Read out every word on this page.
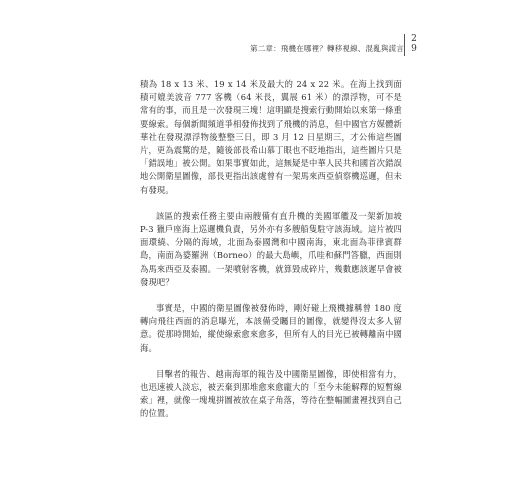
第二章：飛機在哪裡？轉移視線、混亂與謊言
2
9

積為 18 x 13 米、19 x 14 米及最大的 24 x 22 米。在海上找到面積可媲美波音 777 客機（64 米長，翼展 61 米）的漂浮物，可不是常有的事，而且是一次發現三塊！這明顯是搜索行動開始以來第一條重要線索。每個新聞頻道爭相發佈找到了飛機的消息，但中國官方媒體新華社在發現漂浮物後整整三日，即 3 月 12 日星期三，才公佈這些圖片，更為震驚的是，隨後部長希山慕丁眼也不眨地指出，這些圖片只是「錯誤地」被公開。如果事實如此，這無疑是中華人民共和國首次錯誤地公開衛星圖像，部長更指出該處曾有一架馬來西亞偵察機巡邏，但未有發現。

該區的搜索任務主要由兩艘備有直升機的美國軍艦及一架新加坡 P-3 獵戶座海上巡邏機負責，另外亦有多艘船隻駐守該海域。這片被四面環繞、分隔的海域，北面為泰國灣和中國南海，東北面為菲律賓群島，南面為婆羅洲（Borneo）的最大島嶼，爪哇和蘇門答臘，西面則為馬來西亞及泰國。一架噴射客機，就算毀成碎片，幾數應該遲早會被發現吧？

事實是，中國的衛星圖像被發佈時，剛好碰上飛機據稱曾 180 度轉向飛往西面的消息曝光，本該備受矚目的圖像，就變得沒太多人留意。從那時開始，縱使線索愈來愈多，但所有人的目光已被轉離南中國海。

目擊者的報告、越南海軍的報告及中國衛星圖像，即使相當有力，也迅速被人淡忘，被丟棄到那堆愈來愈龐大的「至今未能解釋的短暫線索」裡，就像一塊塊拼圖被放在桌子角落，等待在整幅圖畫裡找到自己的位置。
